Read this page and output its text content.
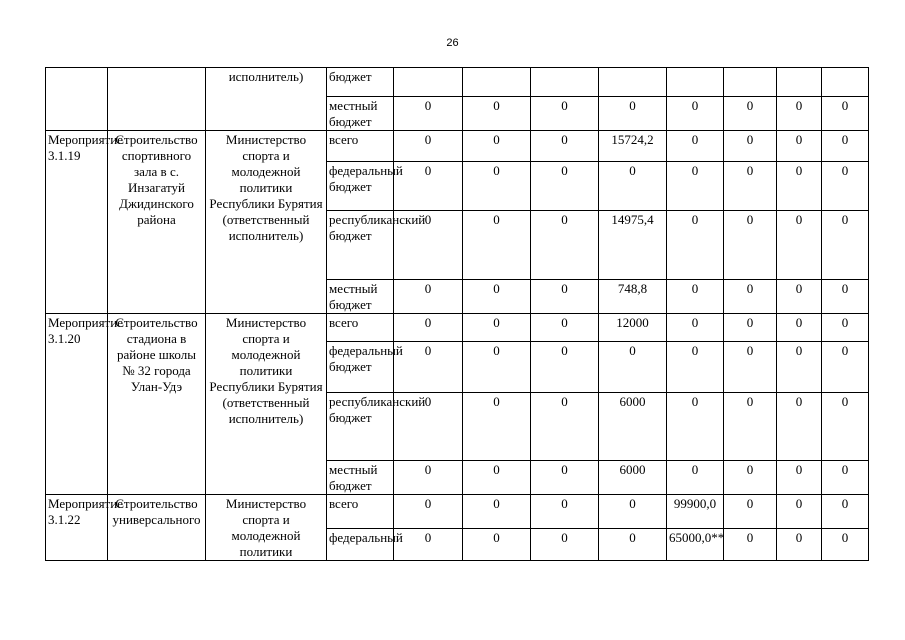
26
		исполнитель)	бюджет								
			местный бюджет	0	0	0	0	0	0	0	0
Мероприятие 3.1.19	Строительство спортивного зала в с. Инзагатуй Джидинского района	Министерство спорта и молодежной политики Республики Бурятия (ответственный исполнитель)	всего	0	0	0	15724,2	0	0	0	0
			федеральный бюджет	0	0	0	0	0	0	0	0
			республиканский бюджет	0	0	0	14975,4	0	0	0	0
			местный бюджет	0	0	0	748,8	0	0	0	0
Мероприятие 3.1.20	Строительство стадиона в районе школы № 32 города Улан-Удэ	Министерство спорта и молодежной политики Республики Бурятия (ответственный исполнитель)	всего	0	0	0	12000	0	0	0	0
			федеральный бюджет	0	0	0	0	0	0	0	0
			республиканский бюджет	0	0	0	6000	0	0	0	0
			местный бюджет	0	0	0	6000	0	0	0	0
Мероприятие 3.1.22	Строительство универсального	Министерство спорта и молодежной политики	всего	0	0	0	0	99900,0	0	0	0
			федеральный	0	0	0	0	65000,0**	0	0	0
